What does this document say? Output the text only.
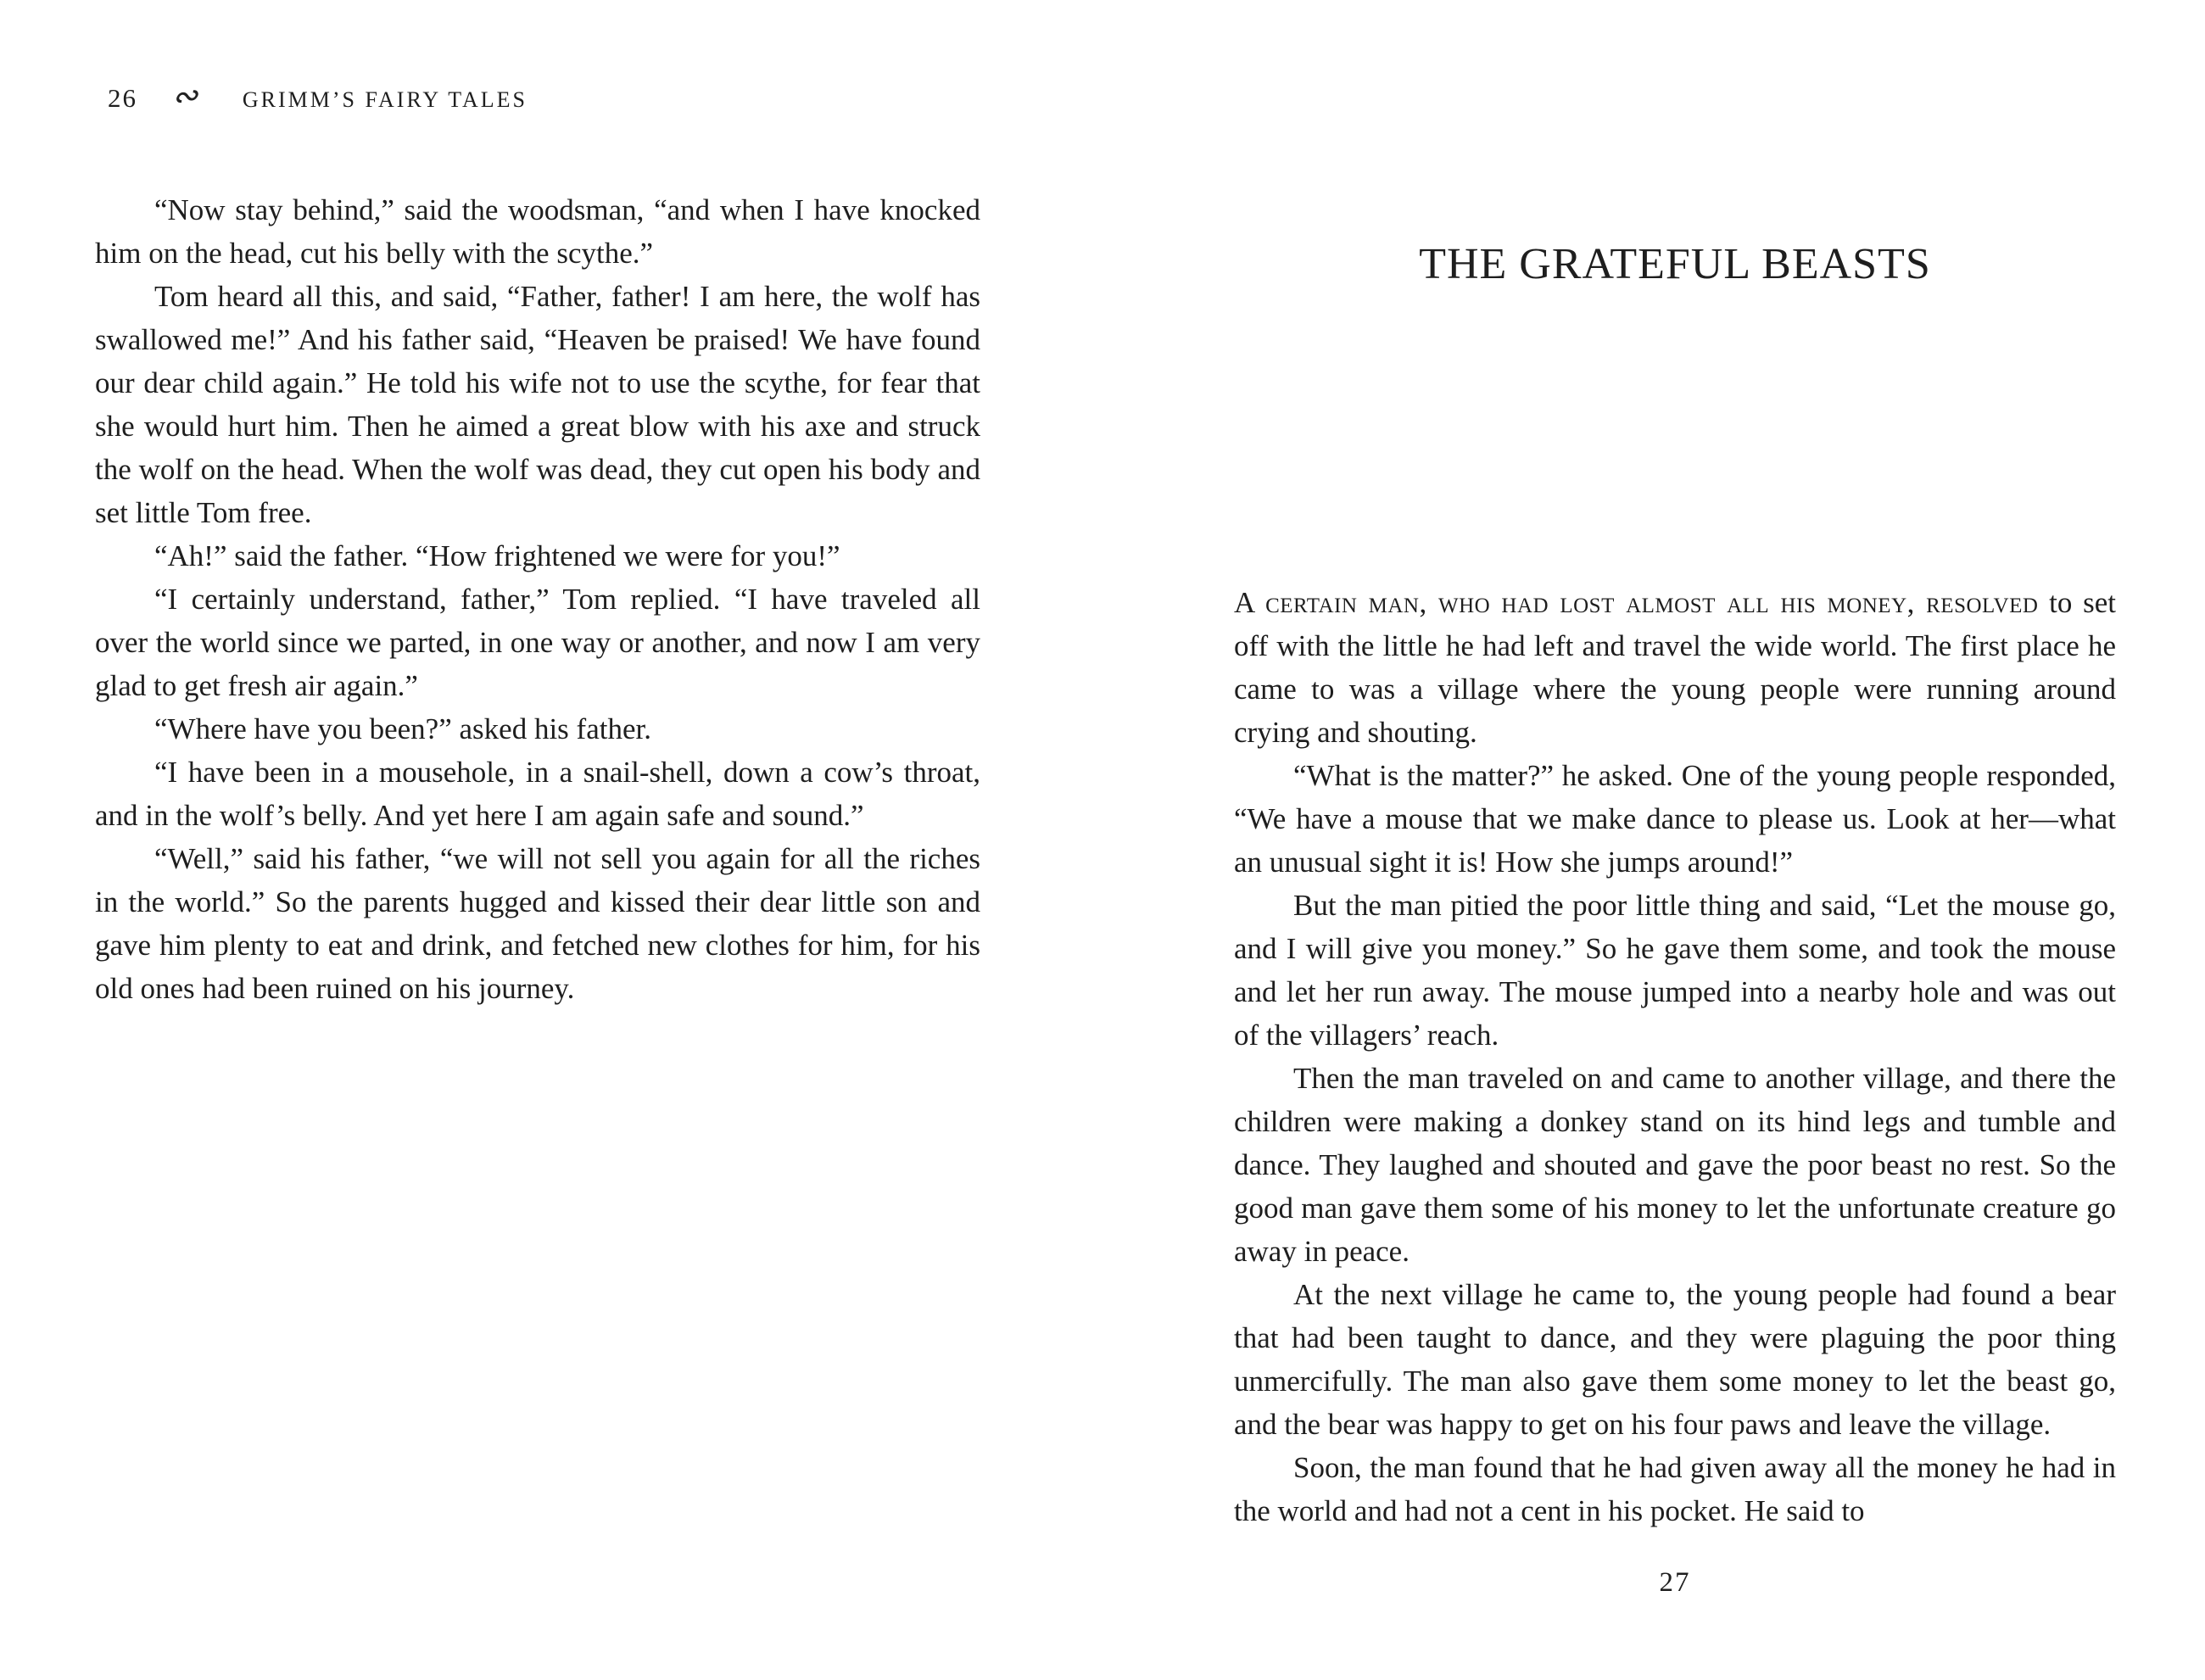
26 ∾ GRIMM’S FAIRY TALES

“Now stay behind,” said the woodsman, “and when I have knocked him on the head, cut his belly with the scythe.”

Tom heard all this, and said, “Father, father! I am here, the wolf has swallowed me!” And his father said, “Heaven be praised! We have found our dear child again.” He told his wife not to use the scythe, for fear that she would hurt him. Then he aimed a great blow with his axe and struck the wolf on the head. When the wolf was dead, they cut open his body and set little Tom free.

“Ah!” said the father. “How frightened we were for you!”

“I certainly understand, father,” Tom replied. “I have traveled all over the world since we parted, in one way or another, and now I am very glad to get fresh air again.”

“Where have you been?” asked his father.

“I have been in a mousehole, in a snail-shell, down a cow’s throat, and in the wolf’s belly. And yet here I am again safe and sound.”

“Well,” said his father, “we will not sell you again for all the riches in the world.” So the parents hugged and kissed their dear little son and gave him plenty to eat and drink, and fetched new clothes for him, for his old ones had been ruined on his journey.

THE GRATEFUL BEASTS

A certain man, who had lost almost all his money, resolved to set off with the little he had left and travel the wide world. The first place he came to was a village where the young people were running around crying and shouting.

“What is the matter?” he asked. One of the young people responded, “We have a mouse that we make dance to please us. Look at her—what an unusual sight it is! How she jumps around!”

But the man pitied the poor little thing and said, “Let the mouse go, and I will give you money.” So he gave them some, and took the mouse and let her run away. The mouse jumped into a nearby hole and was out of the villagers’ reach.

Then the man traveled on and came to another village, and there the children were making a donkey stand on its hind legs and tumble and dance. They laughed and shouted and gave the poor beast no rest. So the good man gave them some of his money to let the unfortunate creature go away in peace.

At the next village he came to, the young people had found a bear that had been taught to dance, and they were plaguing the poor thing unmercifully. The man also gave them some money to let the beast go, and the bear was happy to get on his four paws and leave the village.

Soon, the man found that he had given away all the money he had in the world and had not a cent in his pocket. He said to

27
